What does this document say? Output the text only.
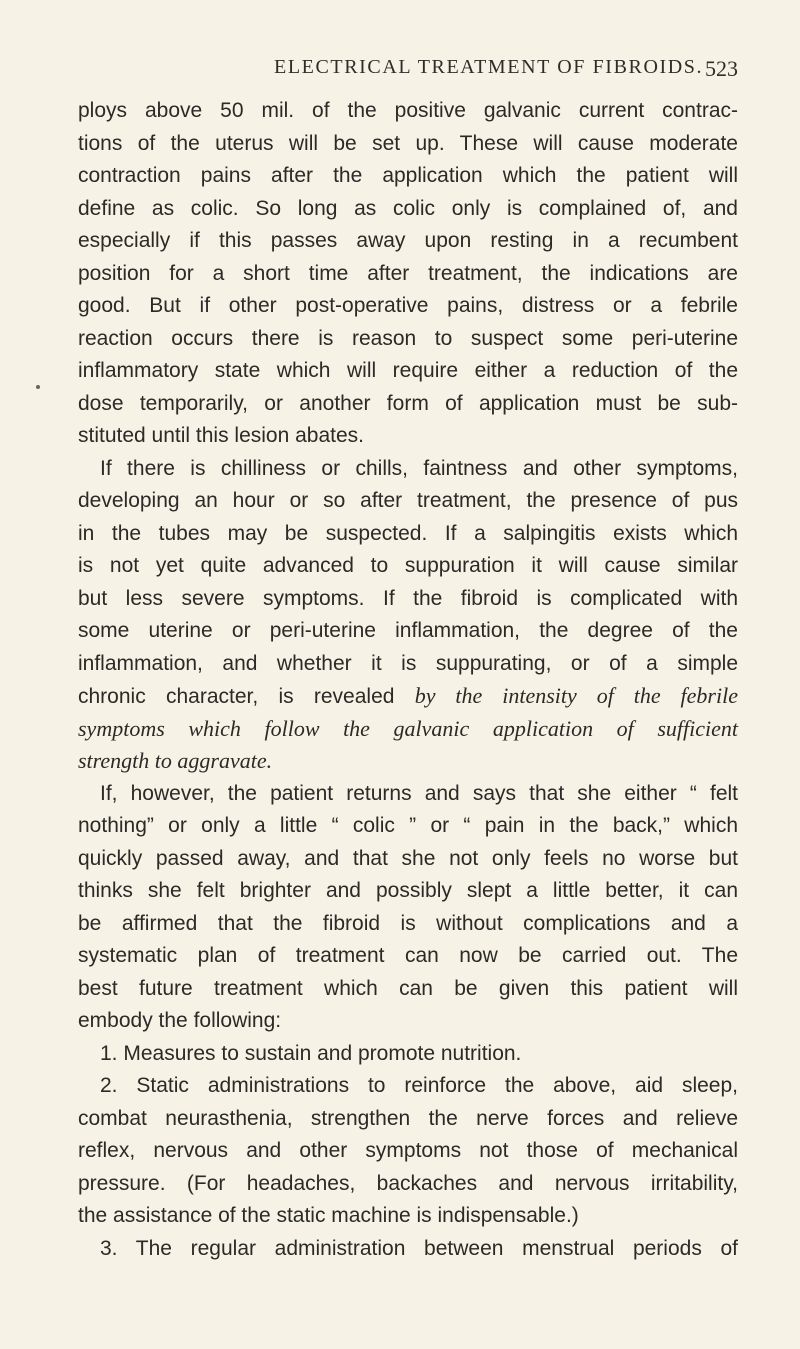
ELECTRICAL TREATMENT OF FIBROIDS. 523
ploys above 50 mil. of the positive galvanic current contrac-
tions of the uterus will be set up. These will cause moderate
contraction pains after the application which the patient will
define as colic. So long as colic only is complained of, and
especially if this passes away upon resting in a recumbent
position for a short time after treatment, the indications are
good. But if other post-operative pains, distress or a febrile
reaction occurs there is reason to suspect some peri-uterine
inflammatory state which will require either a reduction of the
dose temporarily, or another form of application must be sub-
stituted until this lesion abates.
If there is chilliness or chills, faintness and other symptoms,
developing an hour or so after treatment, the presence of pus
in the tubes may be suspected. If a salpingitis exists which
is not yet quite advanced to suppuration it will cause similar
but less severe symptoms. If the fibroid is complicated with
some uterine or peri-uterine inflammation, the degree of the
inflammation, and whether it is suppurating, or of a simple
chronic character, is revealed by the intensity of the febrile
symptoms which follow the galvanic application of sufficient
strength to aggravate.
If, however, the patient returns and says that she either “ felt
nothing” or only a little “ colic ” or “ pain in the back,” which
quickly passed away, and that she not only feels no worse but
thinks she felt brighter and possibly slept a little better, it can
be affirmed that the fibroid is without complications and a
systematic plan of treatment can now be carried out. The
best future treatment which can be given this patient will
embody the following:
1. Measures to sustain and promote nutrition.
2. Static administrations to reinforce the above, aid sleep,
combat neurasthenia, strengthen the nerve forces and relieve
reflex, nervous and other symptoms not those of mechanical
pressure. (For headaches, backaches and nervous irritability,
the assistance of the static machine is indispensable.)
3. The regular administration between menstrual periods of
